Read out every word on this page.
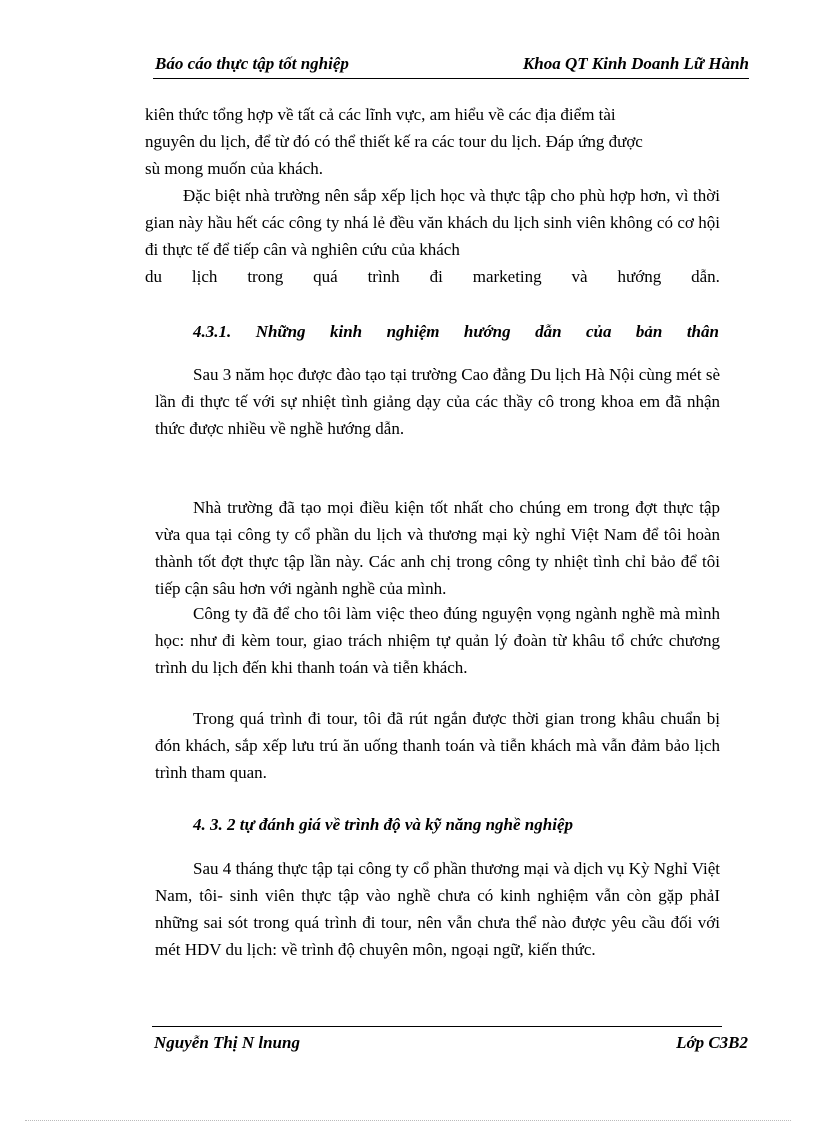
Báo cáo thực tập tốt nghiệp	Khoa QT Kinh Doanh Lữ Hành
kiên thức tổng hợp về tất cả các lĩnh vực, am hiểu về các địa điểm tài
nguyên du lịch, để từ đó có thể thiết kế ra các tour du lịch. Đáp ứng được
sù mong muốn của khách.
Đặc biệt nhà trường nên sắp xếp lịch học và thực tập cho phù hợp hơn, vì thời gian này hầu hết các công ty nhá lẻ đều văn khách du lịch sinh viên không có cơ hội đi thực tế để tiếp cân và nghiên cứu của khách
du lịch trong quá trình đi marketing và hướng dẫn.
4.3.1. Những kinh nghiệm hướng dẫn của bản thân

Sau 3 năm học được đào tạo tại trường Cao đẳng Du lịch Hà Nội cùng mét sè lần đi thực tế với sự nhiệt tình giảng dạy của các thầy cô trong khoa em đã nhận thức được nhiều về nghề hướng dẫn.

Nhà trường đã tạo mọi điều kiện tốt nhất cho chúng em trong đợt thực tập vừa qua tại công ty cổ phần du lịch và thương mại kỳ nghỉ Việt Nam để tôi hoàn thành tốt đợt thực tập lần này. Các anh chị trong công ty nhiệt tình chỉ bảo để tôi tiếp cận sâu hơn với ngành nghề của mình.

Công ty đã để cho tôi làm việc theo đúng nguyện vọng ngành nghề mà mình học: như đi kèm tour, giao trách nhiệm tự quản lý đoàn từ khâu tổ chức chương trình du lịch đến khi thanh toán và tiễn khách.

Trong quá trình đi tour, tôi đã rút ngắn được thời gian trong khâu chuẩn bị đón khách, sắp xếp lưu trú ăn uống thanh toán và tiễn khách mà vẫn đảm bảo lịch trình tham quan.

4. 3. 2 tự đánh giá về trình độ và kỹ năng nghề nghiệp

Sau 4 tháng thực tập tại công ty cổ phần thương mại và dịch vụ Kỳ Nghỉ Việt Nam, tôi- sinh viên thực tập vào nghề chưa có kinh nghiệm vẫn còn gặp phảI những sai sót trong quá trình đi tour, nên vẫn chưa thể nào được yêu cầu đối với mét HDV du lịch: về trình độ chuyên môn, ngoại ngữ, kiến thức.

Nguyễn Thị N lnung	Lớp C3B2
